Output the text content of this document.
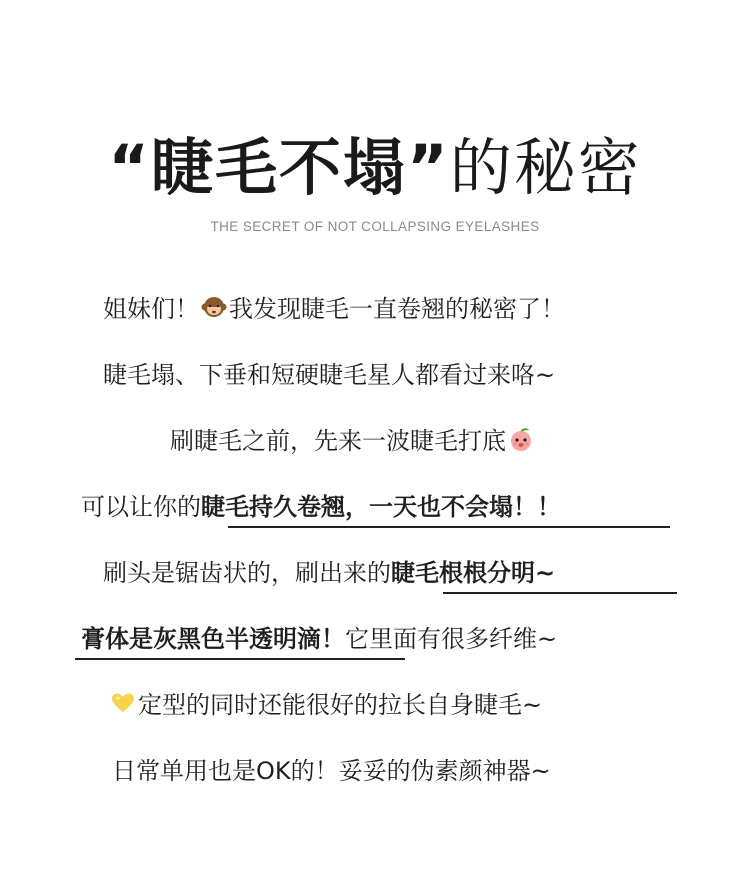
“睫毛不塌”的秘密
THE SECRET OF NOT COLLAPSING EYELASHES
姐妹们！ 我发现睫毛一直卷翘的秘密了！
睫毛塌、下垂和短硬睫毛星人都看过来咯~
刷睫毛之前，先来一波睫毛打底
可以让你的睫毛持久卷翘，一天也不会塌！！
刷头是锯齿状的，刷出来的睫毛根根分明~
膏体是灰黑色半透明滴！它里面有很多纤维~
定型的同时还能很好的拉长自身睫毛~
日常单用也是OK的！妥妥的伪素颜神器~
